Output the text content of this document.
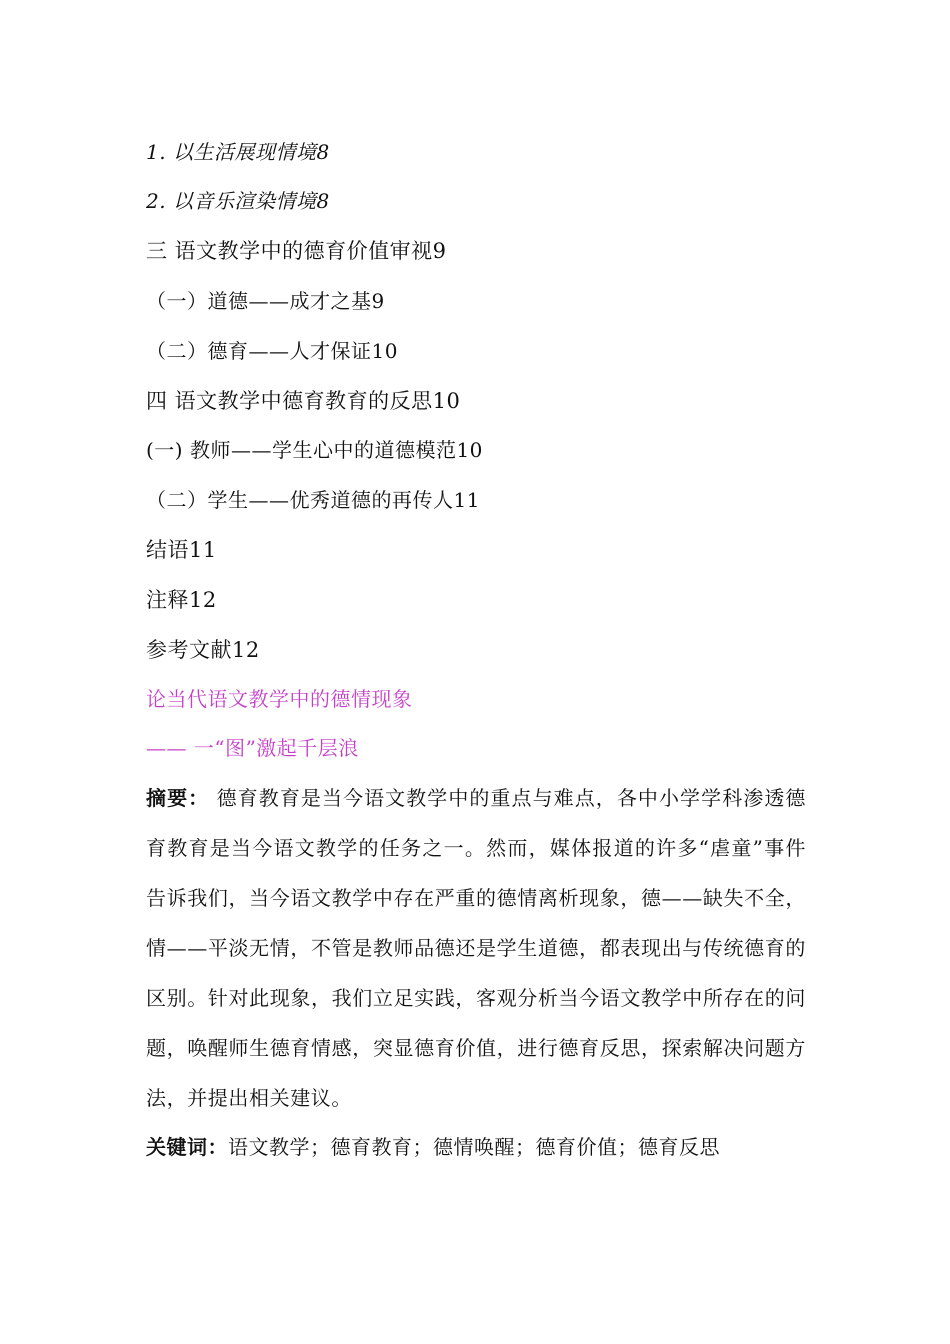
1. 以生活展现情境8
2. 以音乐渲染情境8
三 语文教学中的德育价值审视9
（一）道德——成才之基9
（二）德育——人才保证10
四 语文教学中德育教育的反思10
(一) 教师——学生心中的道德模范10
（二）学生——优秀道德的再传人11
结语11
注释12
参考文献12
论当代语文教学中的德情现象
—— 一“图”激起千层浪
摘要： 德育教育是当今语文教学中的重点与难点，各中小学学科渗透德育教育是当今语文教学的任务之一。然而，媒体报道的许多“虐童”事件告诉我们，当今语文教学中存在严重的德情离析现象，德——缺失不全，情——平淡无情，不管是教师品德还是学生道德，都表现出与传统德育的区别。针对此现象，我们立足实践，客观分析当今语文教学中所存在的问题，唤醒师生德育情感，突显德育价值，进行德育反思，探索解决问题方法，并提出相关建议。
关键词：语文教学；德育教育；德情唤醒；德育价值；德育反思
